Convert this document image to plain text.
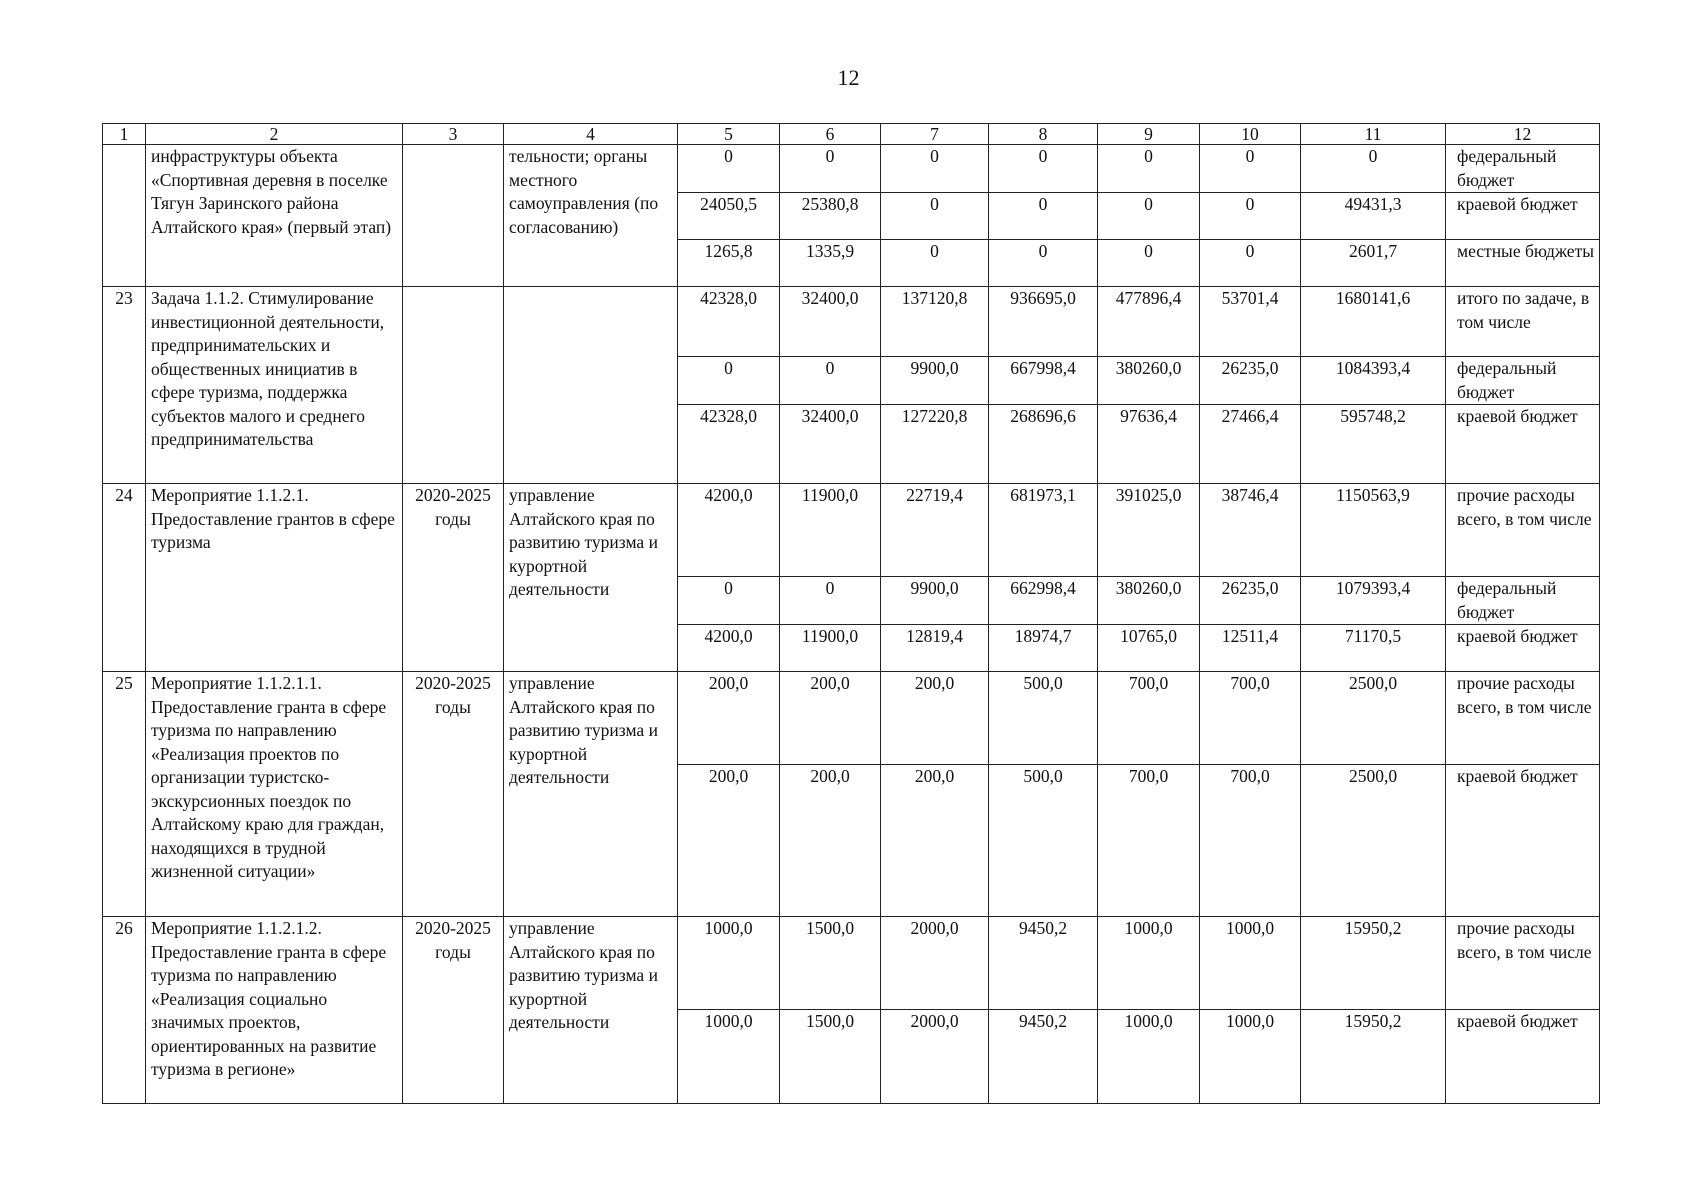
12
1	2	3	4	5	6	7	8	9	10	11	12
	инфраструктуры объекта «Спортивная деревня в поселке Тягун Заринского района Алтайского края» (первый этап)		тельности; органы местного самоуправления (по согласованию)	0	0	0	0	0	0	0	федеральный бюджет
				24050,5	25380,8	0	0	0	0	49431,3	краевой бюджет
				1265,8	1335,9	0	0	0	0	2601,7	местные бюджеты
23	Задача 1.1.2. Стимулирование инвестиционной деятельности, предпринимательских и общественных инициатив в сфере туризма, поддержка субъектов малого и среднего предпринимательства			42328,0	32400,0	137120,8	936695,0	477896,4	53701,4	1680141,6	итого по задаче, в том числе
				0	0	9900,0	667998,4	380260,0	26235,0	1084393,4	федеральный бюджет
				42328,0	32400,0	127220,8	268696,6	97636,4	27466,4	595748,2	краевой бюджет
24	Мероприятие 1.1.2.1. Предоставление грантов в сфере туризма	2020-2025 годы	управление Алтайского края по развитию туризма и курортной деятельности	4200,0	11900,0	22719,4	681973,1	391025,0	38746,4	1150563,9	прочие расходы всего, в том числе
				0	0	9900,0	662998,4	380260,0	26235,0	1079393,4	федеральный бюджет
				4200,0	11900,0	12819,4	18974,7	10765,0	12511,4	71170,5	краевой бюджет
25	Мероприятие 1.1.2.1.1. Предоставление гранта в сфере туризма по направлению «Реализация проектов по организации туристско-экскурсионных поездок по Алтайскому краю для граждан, находящихся в трудной жизненной ситуации»	2020-2025 годы	управление Алтайского края по развитию туризма и курортной деятельности	200,0	200,0	200,0	500,0	700,0	700,0	2500,0	прочие расходы всего, в том числе
				200,0	200,0	200,0	500,0	700,0	700,0	2500,0	краевой бюджет
26	Мероприятие 1.1.2.1.2. Предоставление гранта в сфере туризма по направлению «Реализация социально значимых проектов, ориентированных на развитие туризма в регионе»	2020-2025 годы	управление Алтайского края по развитию туризма и курортной деятельности	1000,0	1500,0	2000,0	9450,2	1000,0	1000,0	15950,2	прочие расходы всего, в том числе
				1000,0	1500,0	2000,0	9450,2	1000,0	1000,0	15950,2	краевой бюджет
